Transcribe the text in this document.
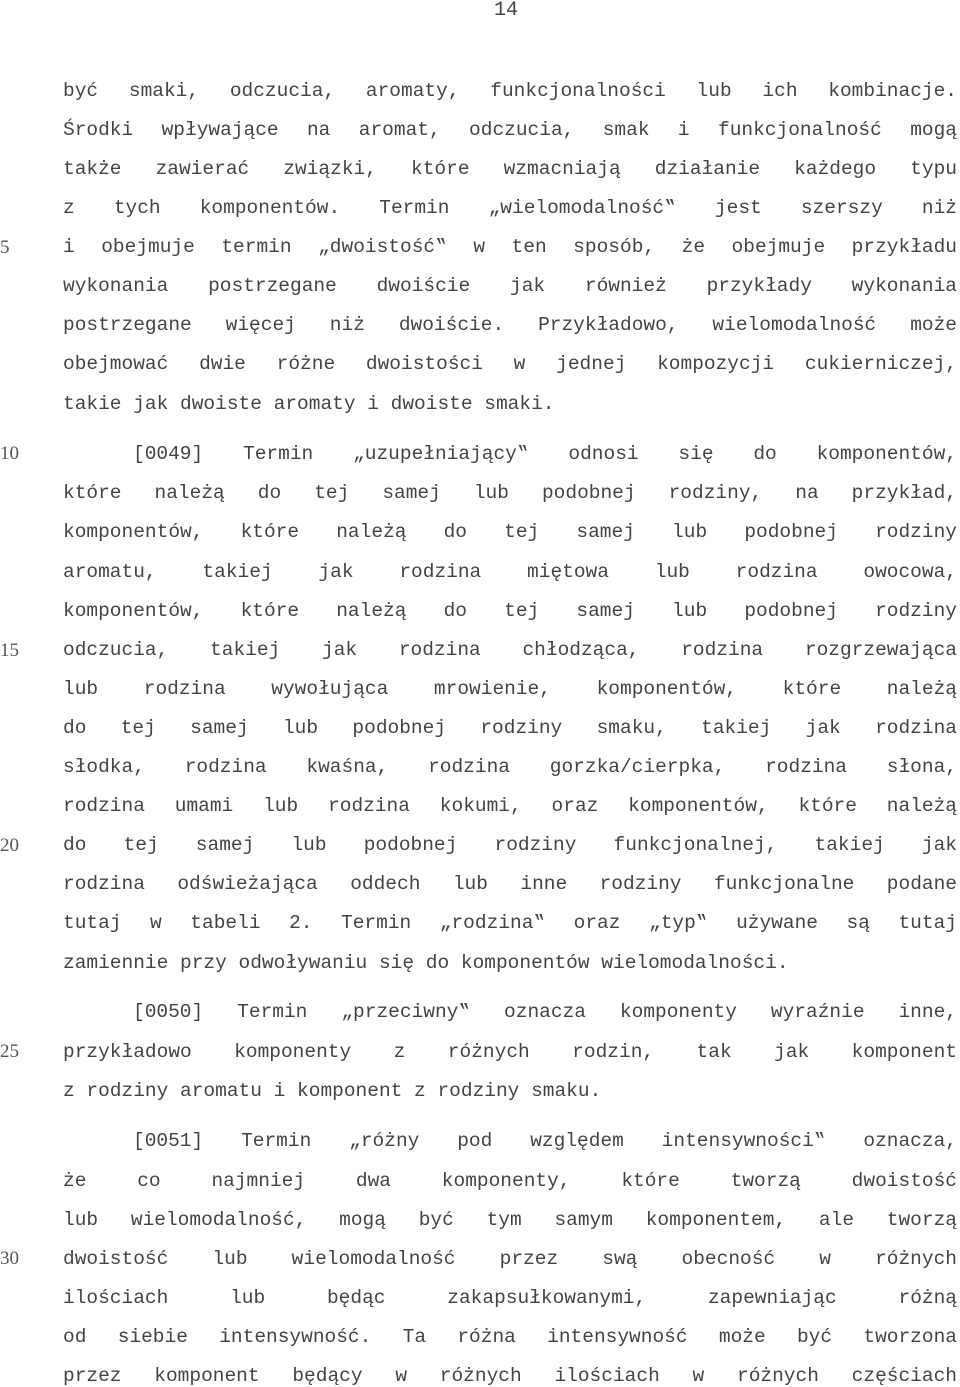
14
5
10
15
20
25
30
być smaki, odczucia, aromaty, funkcjonalności lub ich kombinacje.
Środki wpływające na aromat, odczucia, smak i funkcjonalność mogą
także zawierać związki, które wzmacniają działanie każdego typu
z tych komponentów. Termin „wielomodalność‟ jest szerszy niż
i obejmuje termin „dwoistość‟ w ten sposób, że obejmuje przykładu
wykonania postrzegane dwoiście jak również przykłady wykonania
postrzegane więcej niż dwoiście. Przykładowo, wielomodalność może
obejmować dwie różne dwoistości w jednej kompozycji cukierniczej,
takie jak dwoiste aromaty i dwoiste smaki.
[0049] Termin „uzupełniający‟ odnosi się do komponentów,
które należą do tej samej lub podobnej rodziny, na przykład,
komponentów, które należą do tej samej lub podobnej rodziny
aromatu, takiej jak rodzina miętowa lub rodzina owocowa,
komponentów, które należą do tej samej lub podobnej rodziny
odczucia, takiej jak rodzina chłodząca, rodzina rozgrzewająca
lub rodzina wywołująca mrowienie, komponentów, które należą
do tej samej lub podobnej rodziny smaku, takiej jak rodzina
słodka, rodzina kwaśna, rodzina gorzka/cierpka, rodzina słona,
rodzina umami lub rodzina kokumi, oraz komponentów, które należą
do tej samej lub podobnej rodziny funkcjonalnej, takiej jak
rodzina odświeżająca oddech lub inne rodziny funkcjonalne podane
tutaj w tabeli 2. Termin „rodzina‟ oraz „typ‟ używane są tutaj
zamiennie przy odwoływaniu się do komponentów wielomodalności.
[0050] Termin „przeciwny‟ oznacza komponenty wyraźnie inne,
przykładowo komponenty z różnych rodzin, tak jak komponent
z rodziny aromatu i komponent z rodziny smaku.
[0051] Termin „różny pod względem intensywności‟ oznacza,
że co najmniej dwa komponenty, które tworzą dwoistość
lub wielomodalność, mogą być tym samym komponentem, ale tworzą
dwoistość lub wielomodalność przez swą obecność w różnych
ilościach lub będąc zakapsułkowanymi, zapewniając różną
od siebie intensywność. Ta różna intensywność może być tworzona
przez komponent będący w różnych ilościach w różnych częściach
